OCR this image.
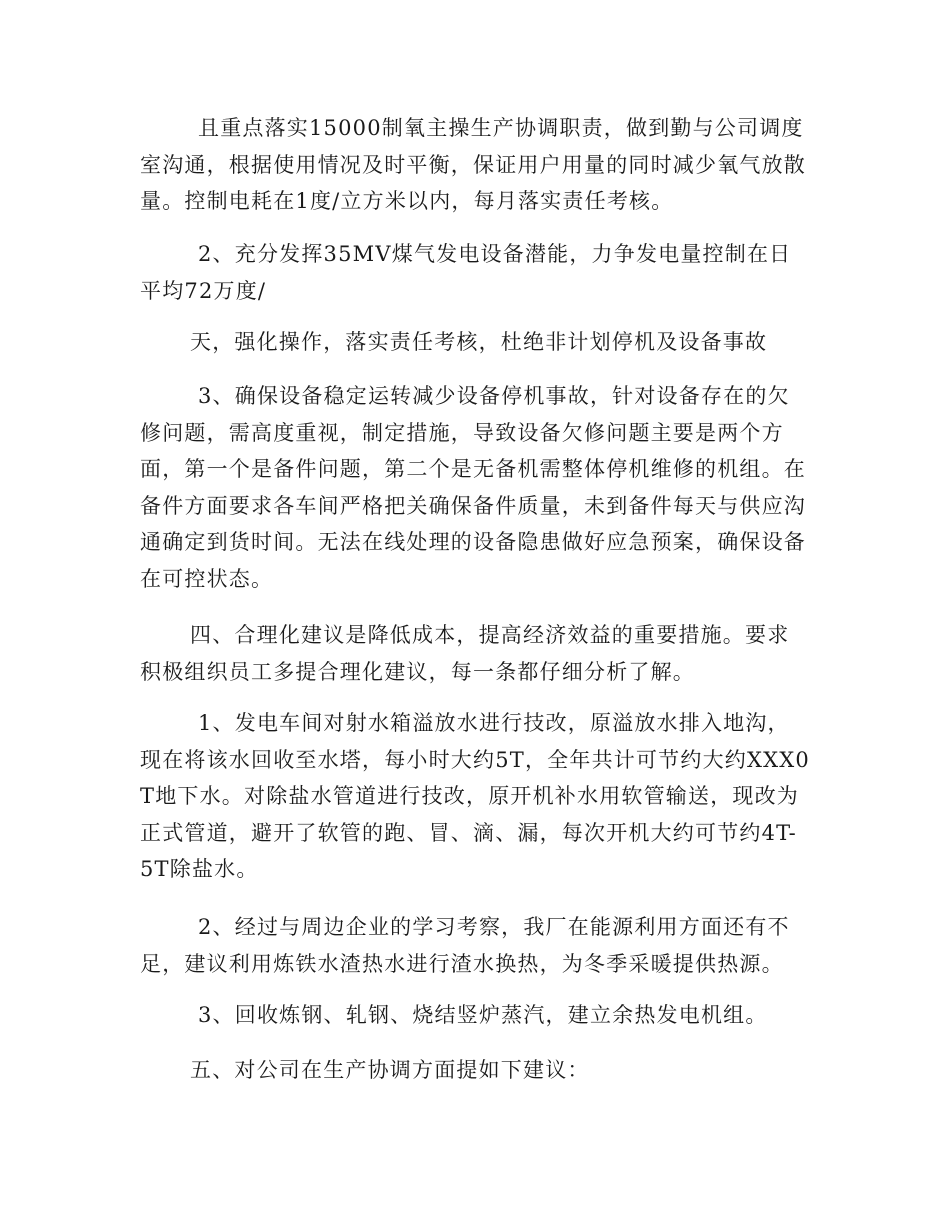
且重点落实15000制氧主操生产协调职责，做到勤与公司调度室沟通，根据使用情况及时平衡，保证用户用量的同时减少氧气放散量。控制电耗在1度/立方米以内，每月落实责任考核。

2、充分发挥35MV煤气发电设备潜能，力争发电量控制在日平均72万度/

天，强化操作，落实责任考核，杜绝非计划停机及设备事故

3、确保设备稳定运转减少设备停机事故，针对设备存在的欠修问题，需高度重视，制定措施，导致设备欠修问题主要是两个方面，第一个是备件问题，第二个是无备机需整体停机维修的机组。在备件方面要求各车间严格把关确保备件质量，未到备件每天与供应沟通确定到货时间。无法在线处理的设备隐患做好应急预案，确保设备在可控状态。

四、合理化建议是降低成本，提高经济效益的重要措施。要求积极组织员工多提合理化建议，每一条都仔细分析了解。

1、发电车间对射水箱溢放水进行技改，原溢放水排入地沟，现在将该水回收至水塔，每小时大约5T，全年共计可节约大约XXX0 T地下水。对除盐水管道进行技改，原开机补水用软管输送，现改为正式管道，避开了软管的跑、冒、滴、漏，每次开机大约可节约4T-5T除盐水。

2、经过与周边企业的学习考察，我厂在能源利用方面还有不足，建议利用炼铁水渣热水进行渣水换热，为冬季采暖提供热源。

3、回收炼钢、轧钢、烧结竖炉蒸汽，建立余热发电机组。

五、对公司在生产协调方面提如下建议：
